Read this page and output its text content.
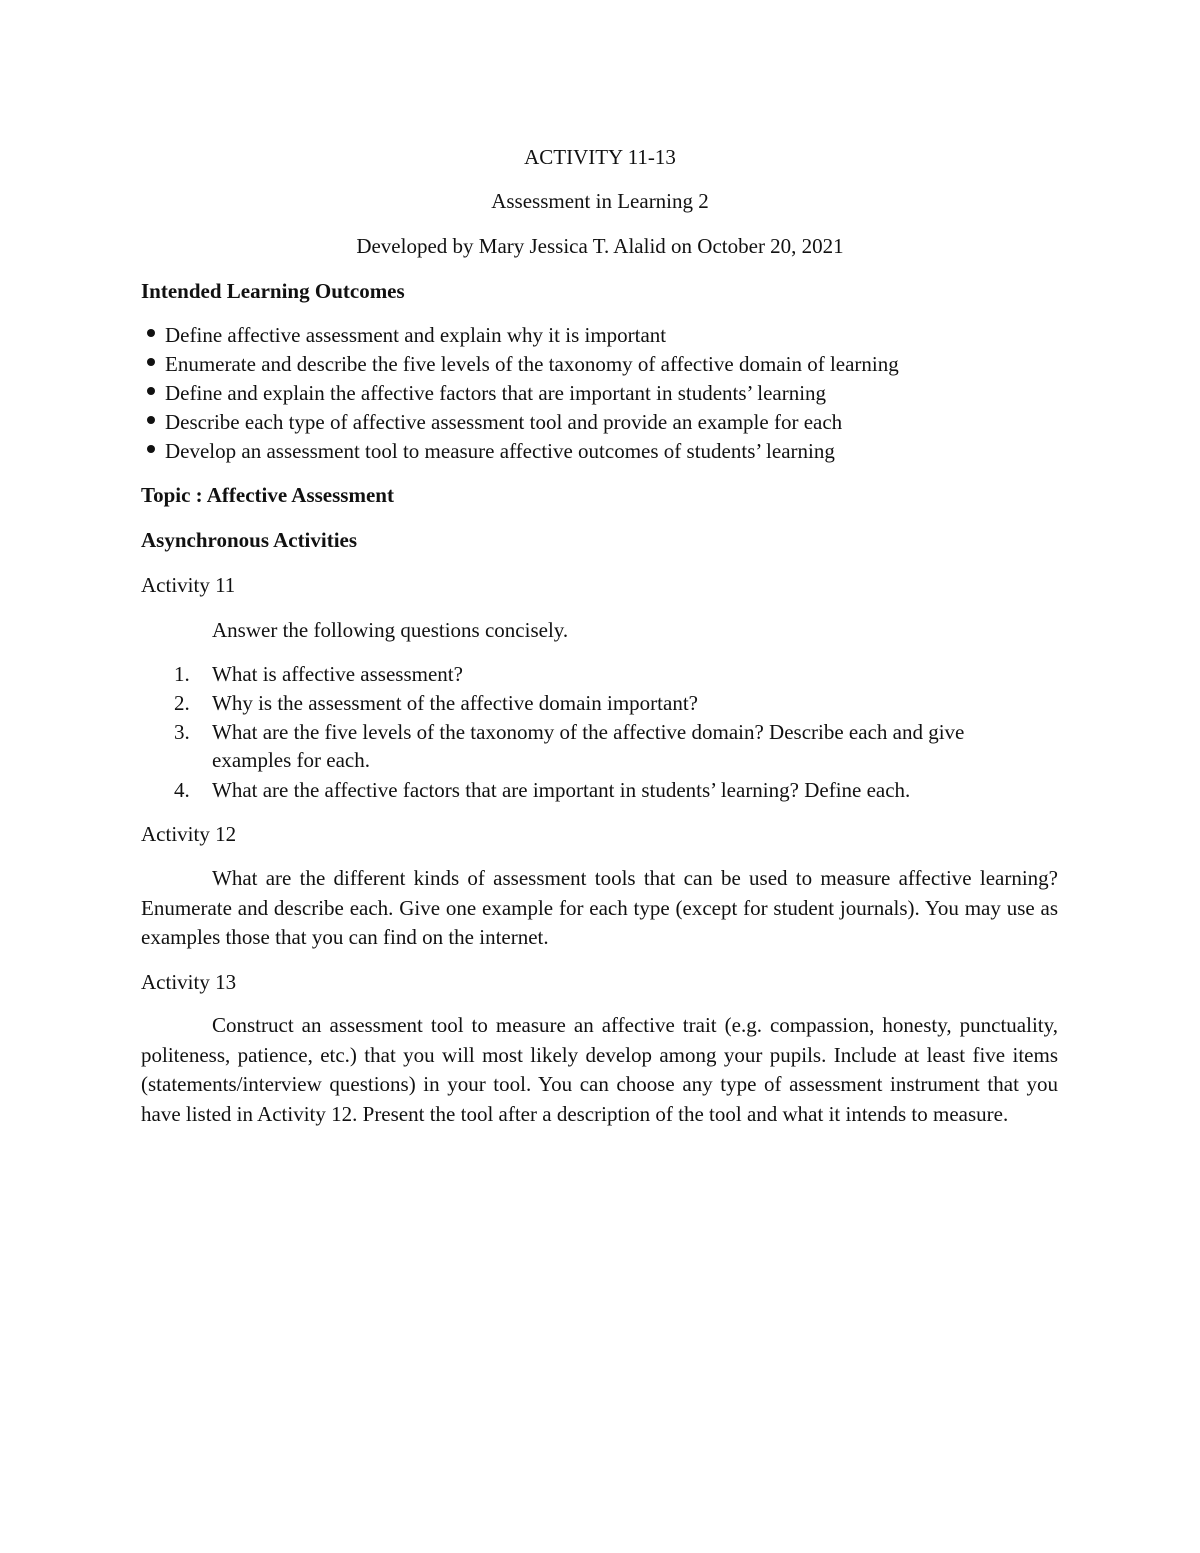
ACTIVITY 11-13

Assessment in Learning 2

Developed by Mary Jessica T. Alalid on October 20, 2021

Intended Learning Outcomes

Define affective assessment and explain why it is important

Enumerate and describe the five levels of the taxonomy of affective domain of learning

Define and explain the affective factors that are important in students’ learning

Describe each type of affective assessment tool and provide an example for each

Develop an assessment tool to measure affective outcomes of students’ learning

Topic : Affective Assessment

Asynchronous Activities

Activity 11

Answer the following questions concisely.

1. What is affective assessment?

2. Why is the assessment of the affective domain important?

3. What are the five levels of the taxonomy of the affective domain? Describe each and give

examples for each.

4. What are the affective factors that are important in students’ learning? Define each.

Activity 12

What are the different kinds of assessment tools that can be used to measure affective learning? Enumerate and describe each. Give one example for each type (except for student journals). You may use as examples those that you can find on the internet.

Activity 13

Construct an assessment tool to measure an affective trait (e.g. compassion, honesty, punctuality, politeness, patience, etc.) that you will most likely develop among your pupils. Include at least five items (statements/interview questions) in your tool. You can choose any type of assessment instrument that you have listed in Activity 12. Present the tool after a description of the tool and what it intends to measure.
